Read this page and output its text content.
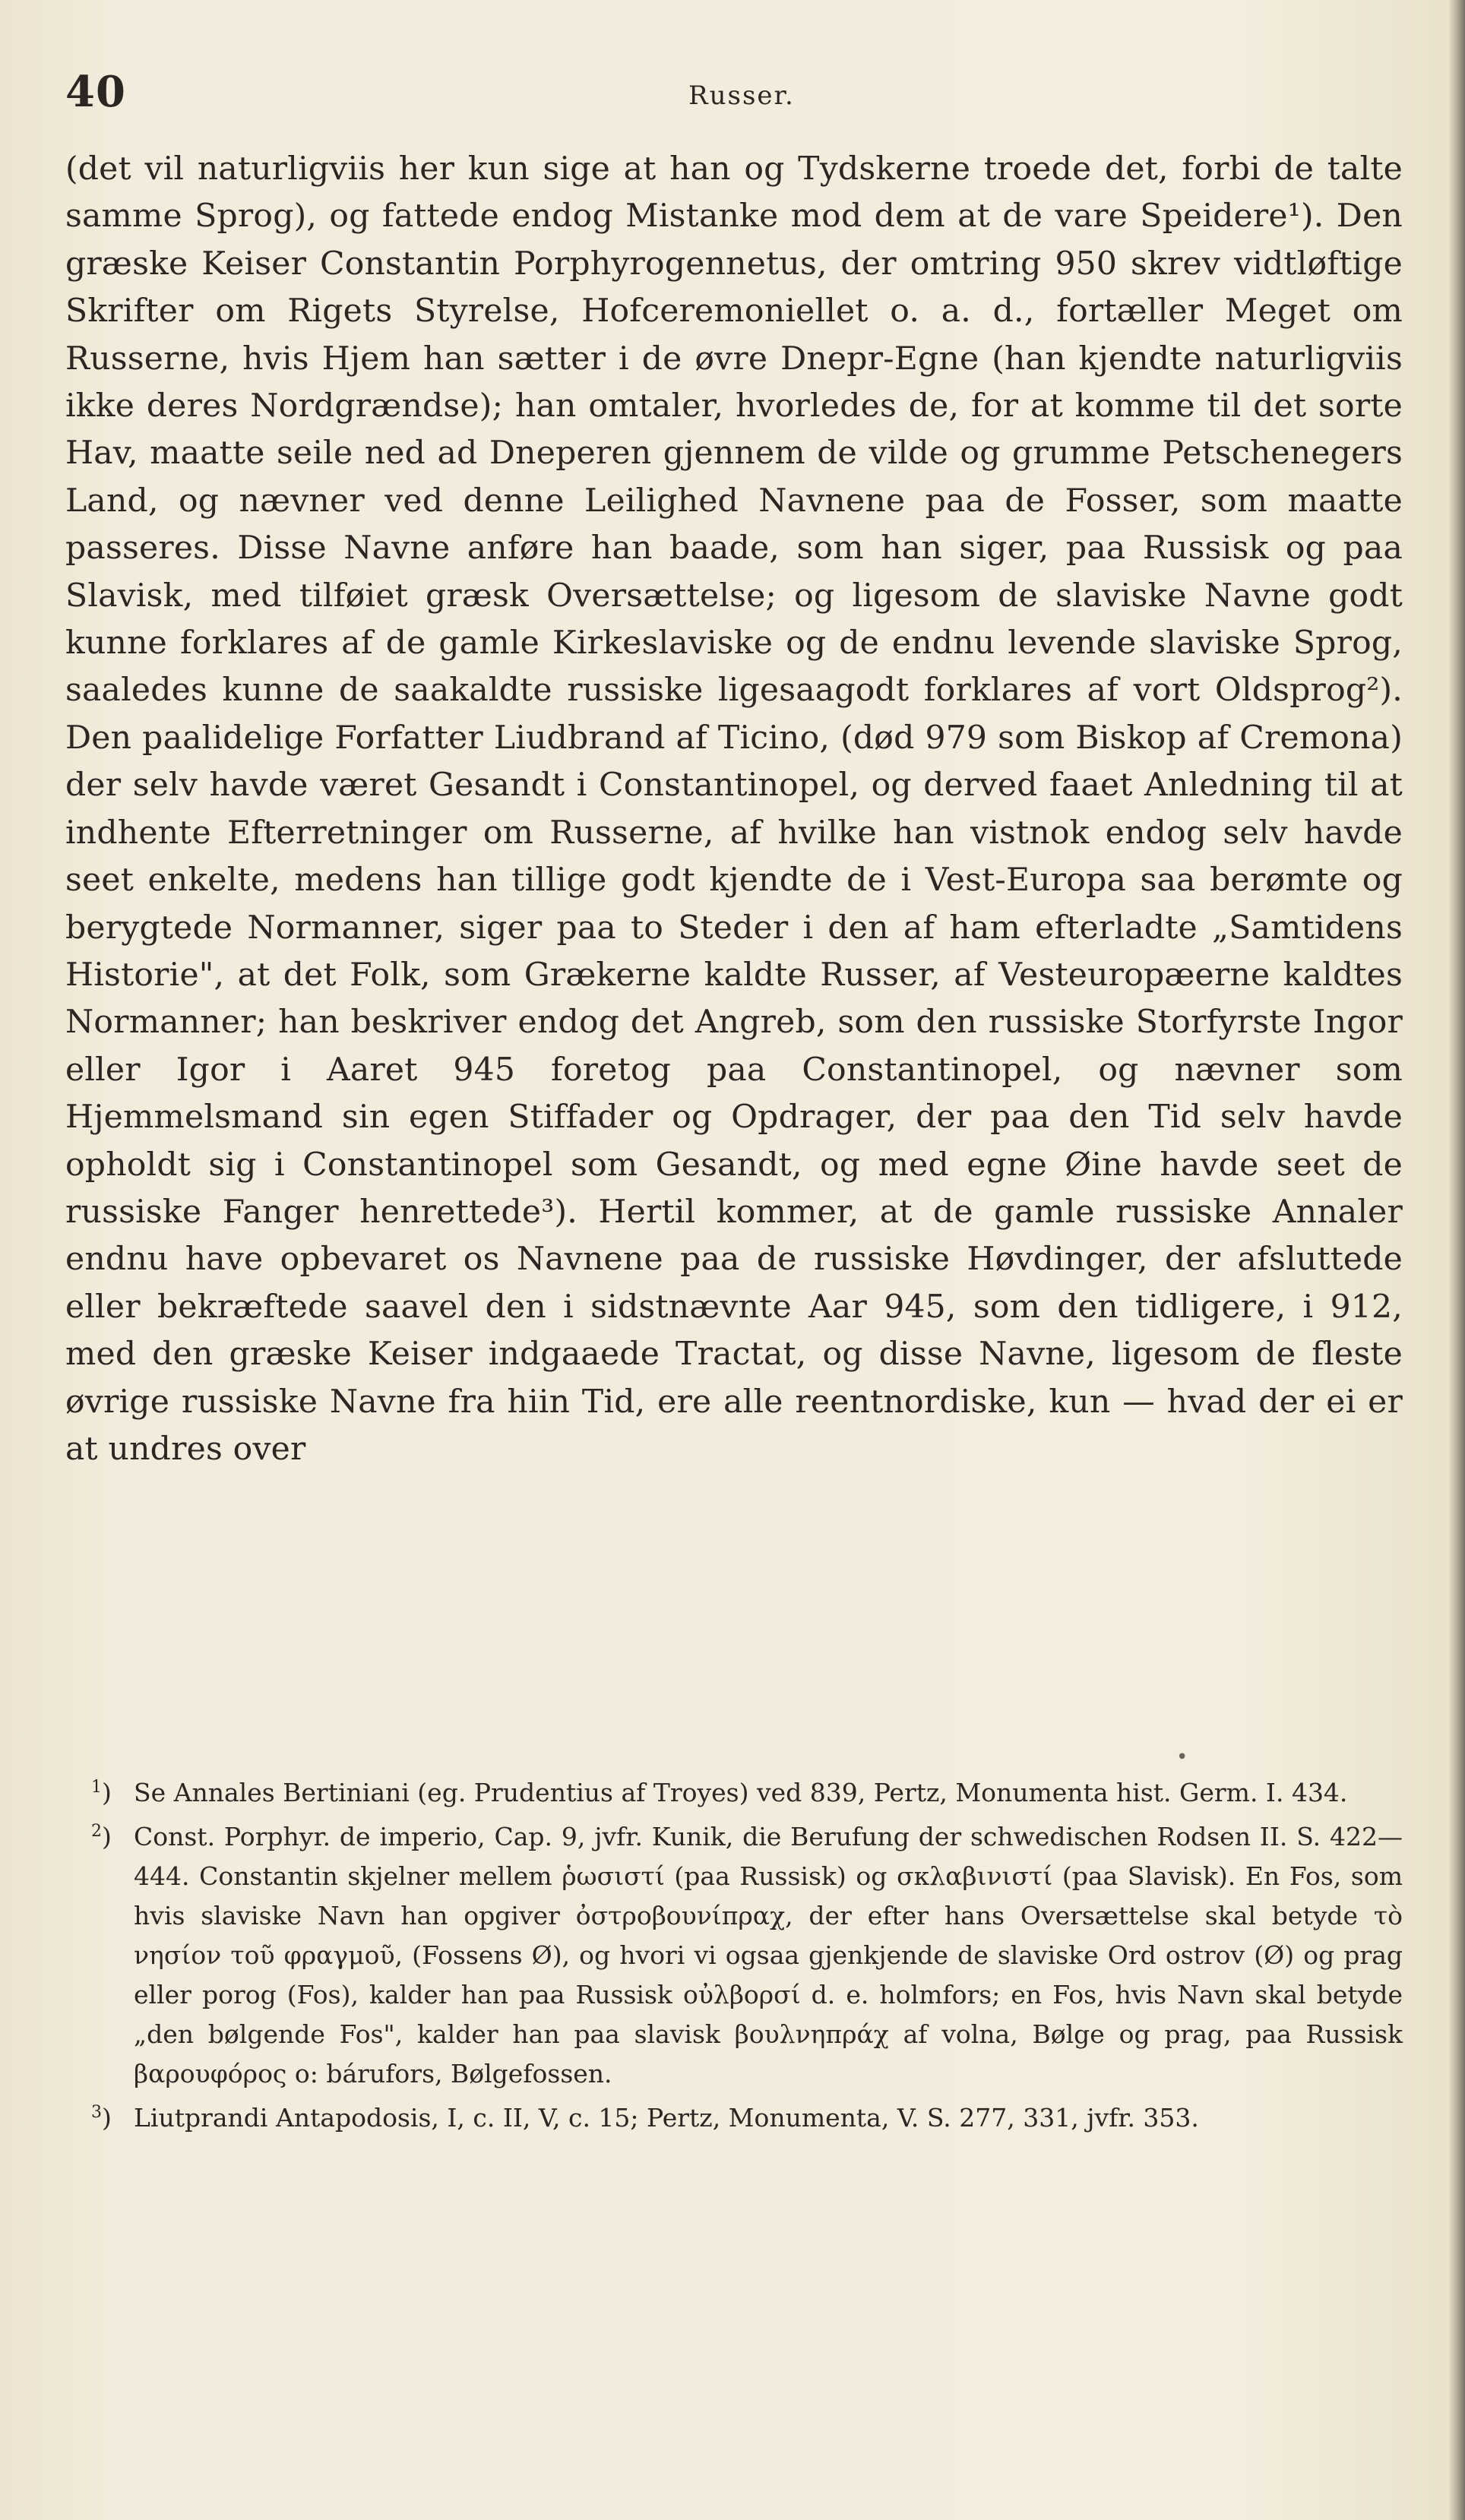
40	Russer.

(det vil naturligviis her kun sige at han og Tydskerne troede det, forbi de talte samme Sprog), og fattede endog Mistanke mod dem at de vare Speidere¹). Den græske Keiser Constantin Porphyrogennetus, der omtring 950 skrev vidtløftige Skrifter om Rigets Styrelse, Hofceremoniellet o. a. d., fortæller Meget om Russerne, hvis Hjem han sætter i de øvre Dnepr-Egne (han kjendte naturligviis ikke deres Nordgrændse); han omtaler, hvorledes de, for at komme til det sorte Hav, maatte seile ned ad Dneperen gjennem de vilde og grumme Petschenegers Land, og nævner ved denne Leilighed Navnene paa de Fosser, som maatte passeres. Disse Navne anføre han baade, som han siger, paa Russisk og paa Slavisk, med tilføiet græsk Oversættelse; og ligesom de slaviske Navne godt kunne forklares af de gamle Kirkeslaviske og de endnu levende slaviske Sprog, saaledes kunne de saakaldte russiske ligesaagodt forklares af vort Oldsprog²). Den paalidelige Forfatter Liudbrand af Ticino, (død 979 som Biskop af Cremona) der selv havde været Gesandt i Constantinopel, og derved faaet Anledning til at indhente Efterretninger om Russerne, af hvilke han vistnok endog selv havde seet enkelte, medens han tillige godt kjendte de i Vest-Europa saa berømte og berygtede Normanner, siger paa to Steder i den af ham efterladte „Samtidens Historie", at det Folk, som Grækerne kaldte Russer, af Vesteuropæerne kaldtes Normanner; han beskriver endog det Angreb, som den russiske Storfyrste Ingor eller Igor i Aaret 945 foretog paa Constantinopel, og nævner som Hjemmelsmand sin egen Stiffader og Opdrager, der paa den Tid selv havde opholdt sig i Constantinopel som Gesandt, og med egne Øine havde seet de russiske Fanger henrettede³). Hertil kommer, at de gamle russiske Annaler endnu have opbevaret os Navnene paa de russiske Høvdinger, der afsluttede eller bekræftede saavel den i sidstnævnte Aar 945, som den tidligere, i 912, med den græske Keiser indgaaede Tractat, og disse Navne, ligesom de fleste øvrige russiske Navne fra hiin Tid, ere alle reentnordiske, kun — hvad der ei er at undres over

•

$^1$) Se Annales Bertiniani (eg. Prudentius af Troyes) ved 839, Pertz, Monumenta hist. Germ. I. 434.

$^2$) Const. Porphyr. de imperio, Cap. 9, jvfr. Kunik, die Berufung der schwedischen Rodsen II. S. 422—444. Constantin skjelner mellem ῥωσιστί (paa Russisk) og σκλαβινιστί (paa Slavisk). En Fos, som hvis slaviske Navn han opgiver ὀστροβουνίπραχ, der efter hans Oversættelse skal betyde τὸ νησίον τοῦ φραγμοῦ, (Fossens Ø), og hvori vi ogsaa gjenkjende de slaviske Ord ostrov (Ø) og prag eller porog (Fos), kalder han paa Russisk οὐλβορσί d. e. holmfors; en Fos, hvis Navn skal betyde „den bølgende Fos", kalder han paa slavisk βουλνηπράχ af volna, Bølge og prag, paa Russisk βαρουφόρος o: bárufors, Bølgefossen.

$^3$) Liutprandi Antapodosis, I, c. II, V, c. 15; Pertz, Monumenta, V. S. 277, 331, jvfr. 353.
